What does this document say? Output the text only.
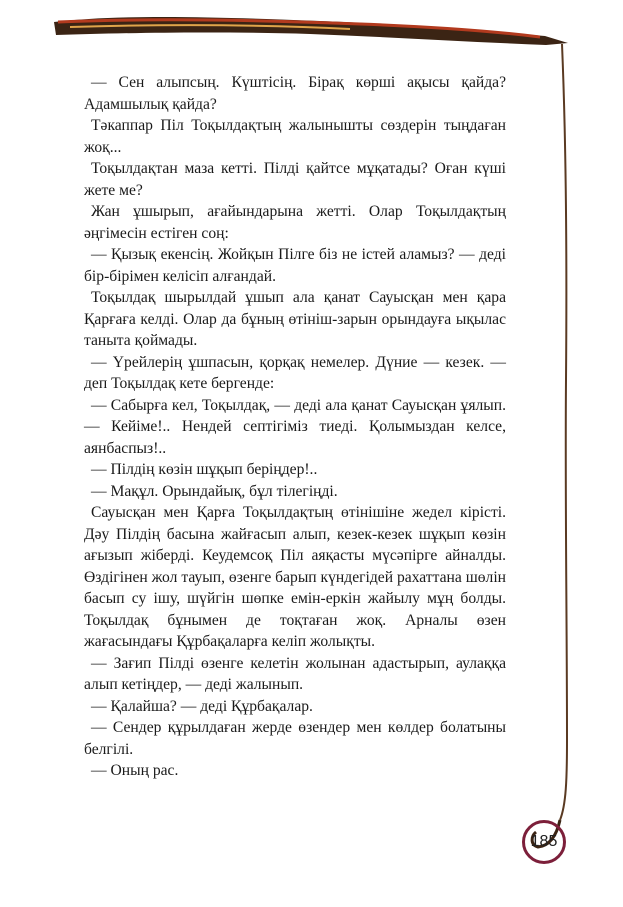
— Сен алыпсың. Күштісің. Бірақ көрші ақысы қайда? Адамшылық қайда?

Тәкаппар Піл Тоқылдақтың жалынышты сөздерін тыңдаған жоқ...

Тоқылдақтан маза кетті. Пілді қайтсе мұқатады? Оған күші жете ме?

Жан ұшырып, ағайындарына жетті. Олар Тоқылдақтың әңгімесін естіген соң:

— Қызық екенсің. Жойқын Пілге біз не істей аламыз? — деді бір-бірімен келісіп алғандай.

Тоқылдақ шырылдай ұшып ала қанат Сауысқан мен қара Қарғаға келді. Олар да бұның өтініш-зарын орындауға ықылас таныта қоймады.

— Үрейлерің ұшпасын, қорқақ немелер. Дүние — кезек. — деп Тоқылдақ кете бергенде:

— Сабырға кел, Тоқылдақ, — деді ала қанат Сауысқан ұялып. — Кейіме!.. Нендей септігіміз тиеді. Қолымыздан келсе, аянбаспыз!..

— Пілдің көзін шұқып беріңдер!..

— Мақұл. Орындайық, бұл тілегіңді.

Сауысқан мен Қарға Тоқылдақтың өтінішіне жедел кірісті. Дәу Пілдің басына жайғасып алып, кезек-кезек шұқып көзін ағызып жіберді. Кеудемсоқ Піл аяқасты мүсәпірге айналды. Өздігінен жол тауып, өзенге барып күндегідей рахаттана шөлін басып су ішу, шүйгін шөпке емін-еркін жайылу мұң болды. Тоқылдақ бұнымен де тоқтаған жоқ. Арналы өзен жағасындағы Құрбақаларға келіп жолықты.

— Зағип Пілді өзенге келетін жолынан адастырып, аулаққа алып кетіңдер, — деді жалынып.

— Қалайша? — деді Құрбақалар.

— Сендер құрылдаған жерде өзендер мен көлдер болатыны белгілі.

— Оның рас.

185
